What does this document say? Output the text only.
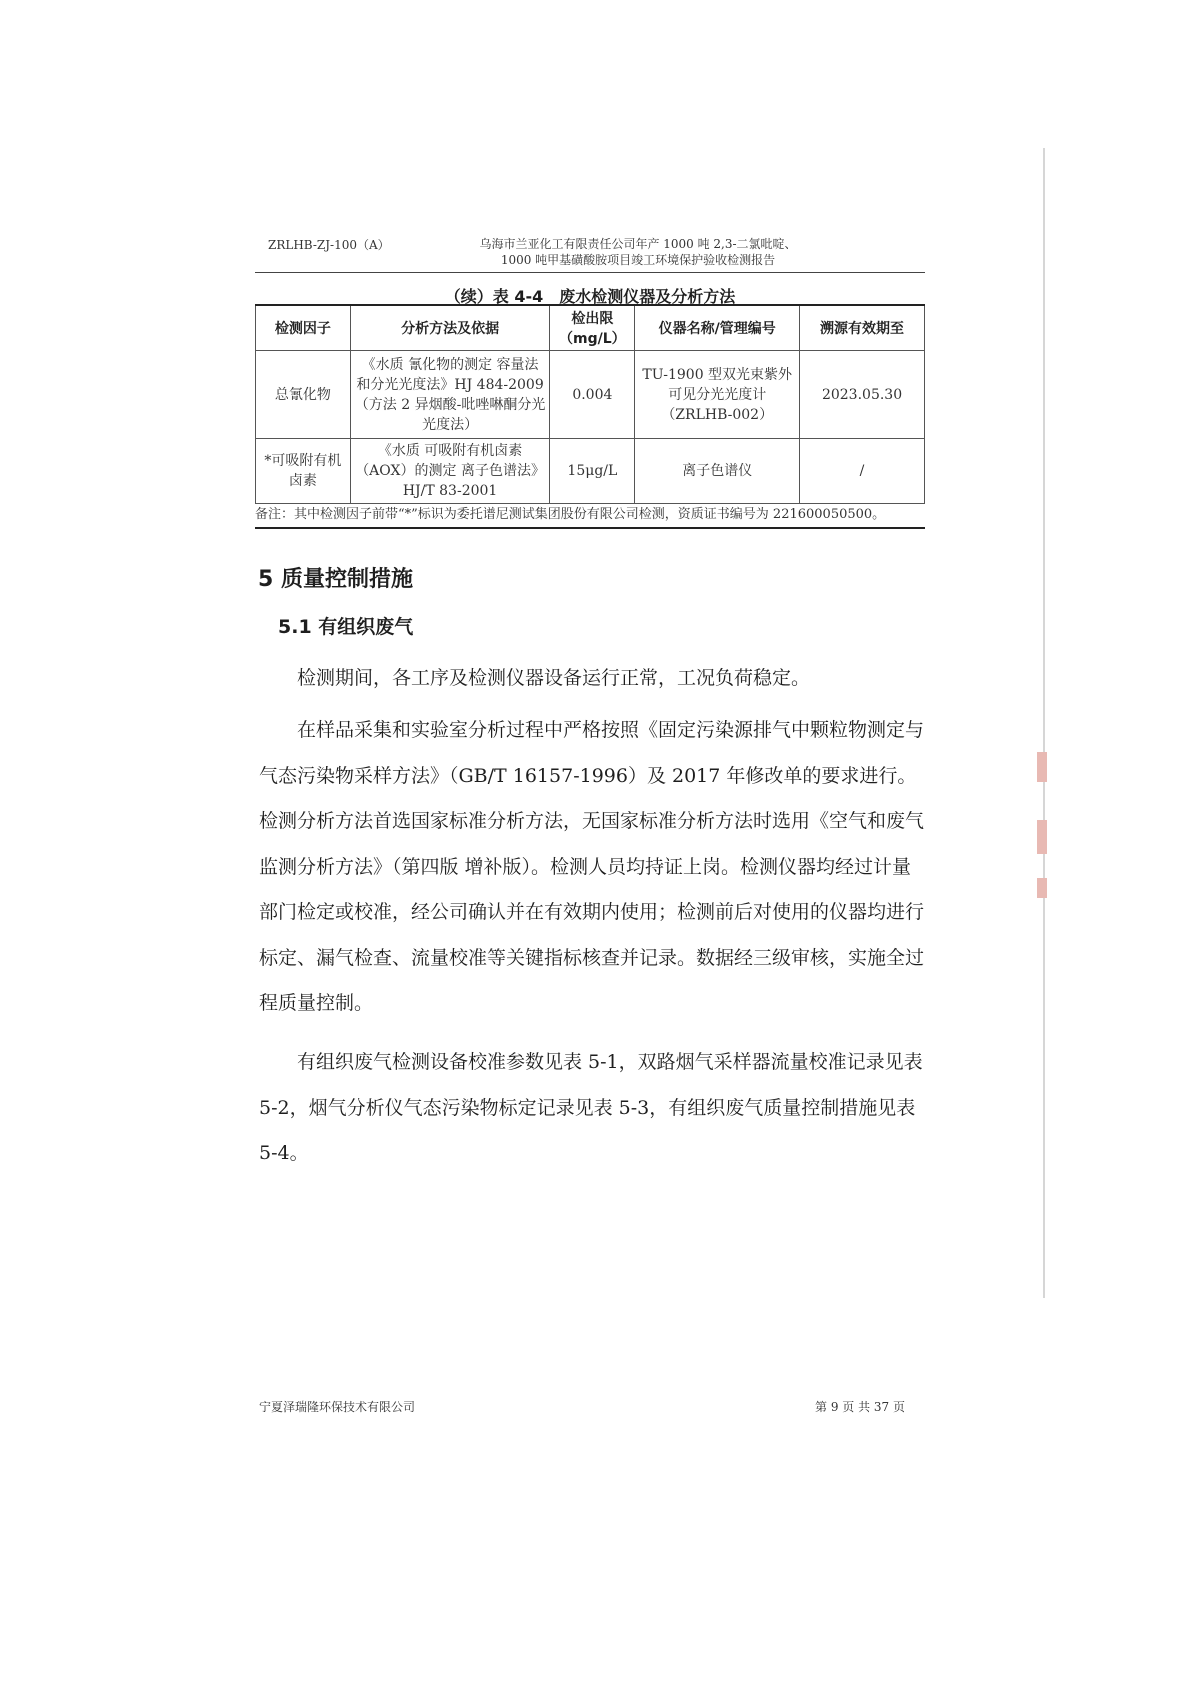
ZRLHB-ZJ-100（A）	乌海市兰亚化工有限责任公司年产 1000 吨 2,3-二氯吡啶、
1000 吨甲基磺酸胺项目竣工环境保护验收检测报告
（续）表 4-4　废水检测仪器及分析方法
检测因子	分析方法及依据	检出限（mg/L）	仪器名称/管理编号	溯源有效期至
总氰化物	《水质 氰化物的测定 容量法和分光光度法》HJ 484-2009（方法 2 异烟酸-吡唑啉酮分光光度法）	0.004	TU-1900 型双光束紫外可见分光光度计（ZRLHB-002）	2023.05.30
*可吸附有机卤素	《水质 可吸附有机卤素（AOX）的测定 离子色谱法》HJ/T 83-2001	15μg/L	离子色谱仪	/
备注：其中检测因子前带“*”标识为委托谱尼测试集团股份有限公司检测，资质证书编号为 221600050500。
5 质量控制措施
5.1 有组织废气

检测期间，各工序及检测仪器设备运行正常，工况负荷稳定。

在样品采集和实验室分析过程中严格按照《固定污染源排气中颗粒物测定与气态污染物采样方法》（GB/T 16157-1996）及 2017 年修改单的要求进行。检测分析方法首选国家标准分析方法，无国家标准分析方法时选用《空气和废气监测分析方法》（第四版 增补版）。检测人员均持证上岗。检测仪器均经过计量部门检定或校准，经公司确认并在有效期内使用；检测前后对使用的仪器均进行标定、漏气检查、流量校准等关键指标核查并记录。数据经三级审核，实施全过程质量控制。

有组织废气检测设备校准参数见表 5-1，双路烟气采样器流量校准记录见表 5-2，烟气分析仪气态污染物标定记录见表 5-3，有组织废气质量控制措施见表 5-4。

宁夏泽瑞隆环保技术有限公司	第 9 页 共 37 页
